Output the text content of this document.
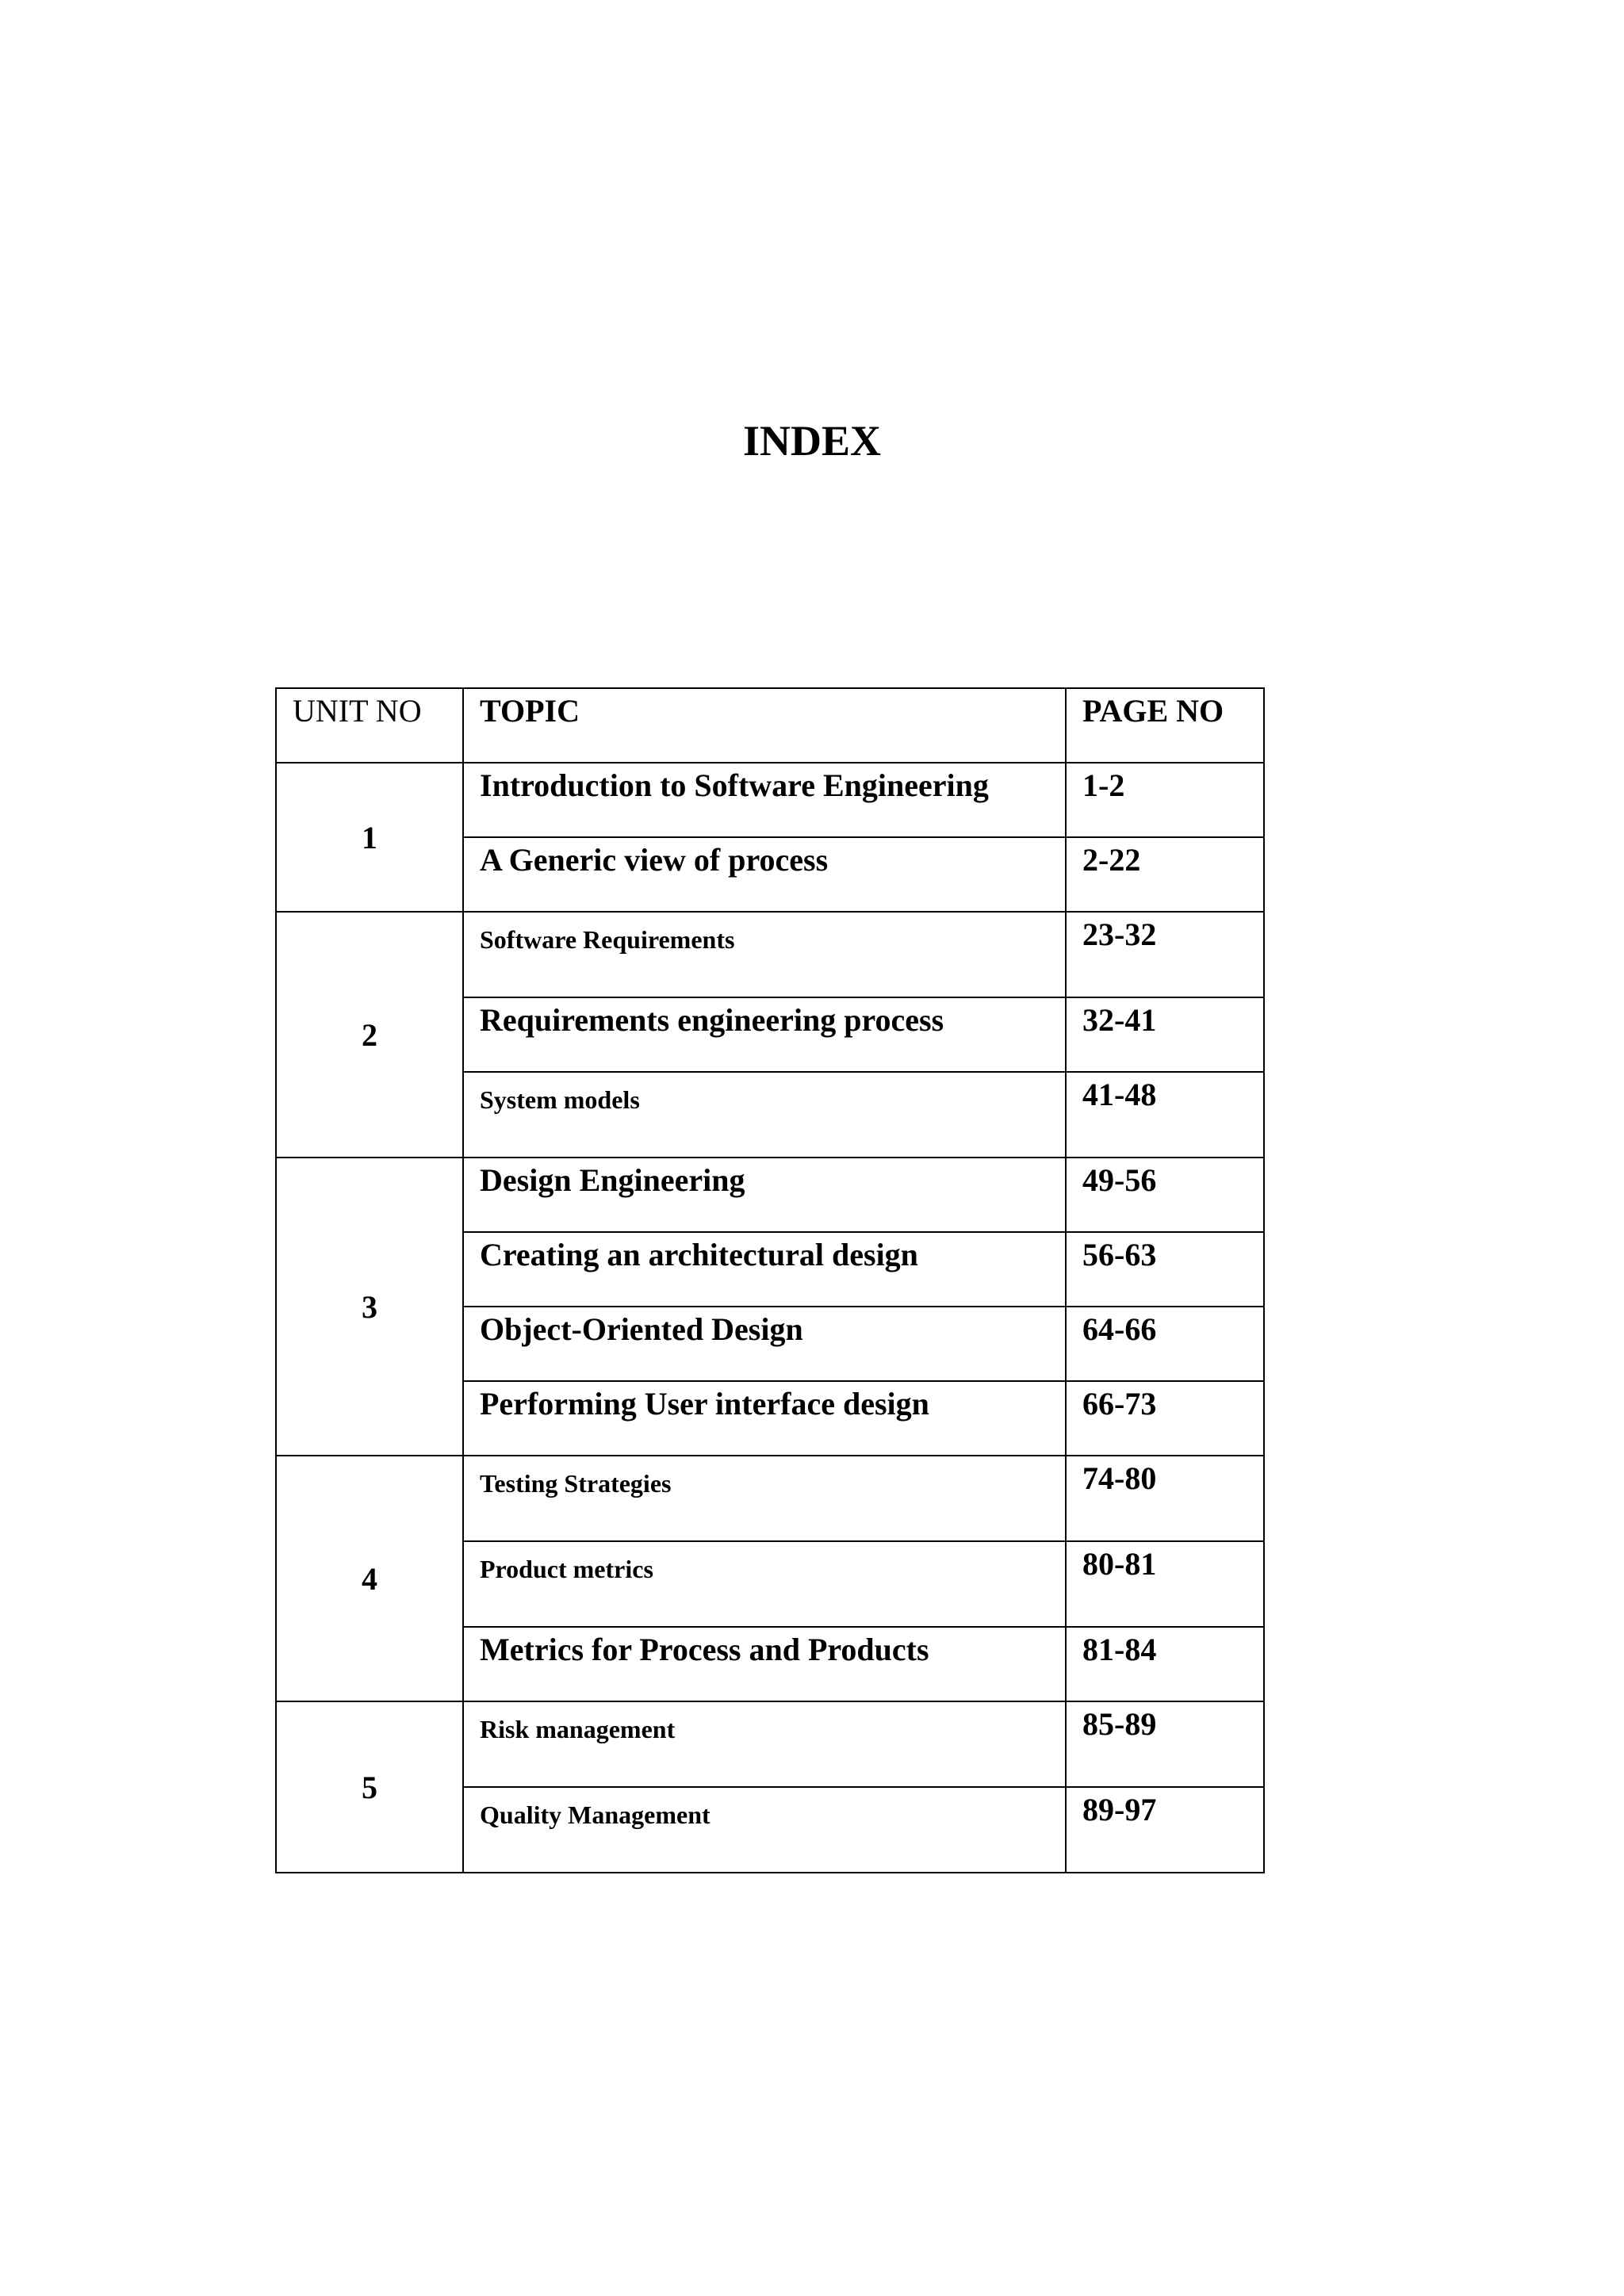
INDEX
UNIT NO	TOPIC	PAGE NO
1	Introduction to Software Engineering	1-2
	A Generic view of process	2-22
2	Software Requirements	23-32
	Requirements engineering process	32-41
	System models	41-48
3	Design Engineering	49-56
	Creating an architectural design	56-63
	Object-Oriented Design	64-66
	Performing User interface design	66-73
4	Testing Strategies	74-80
	Product metrics	80-81
	Metrics for Process and Products	81-84
5	Risk management	85-89
	Quality Management	89-97
